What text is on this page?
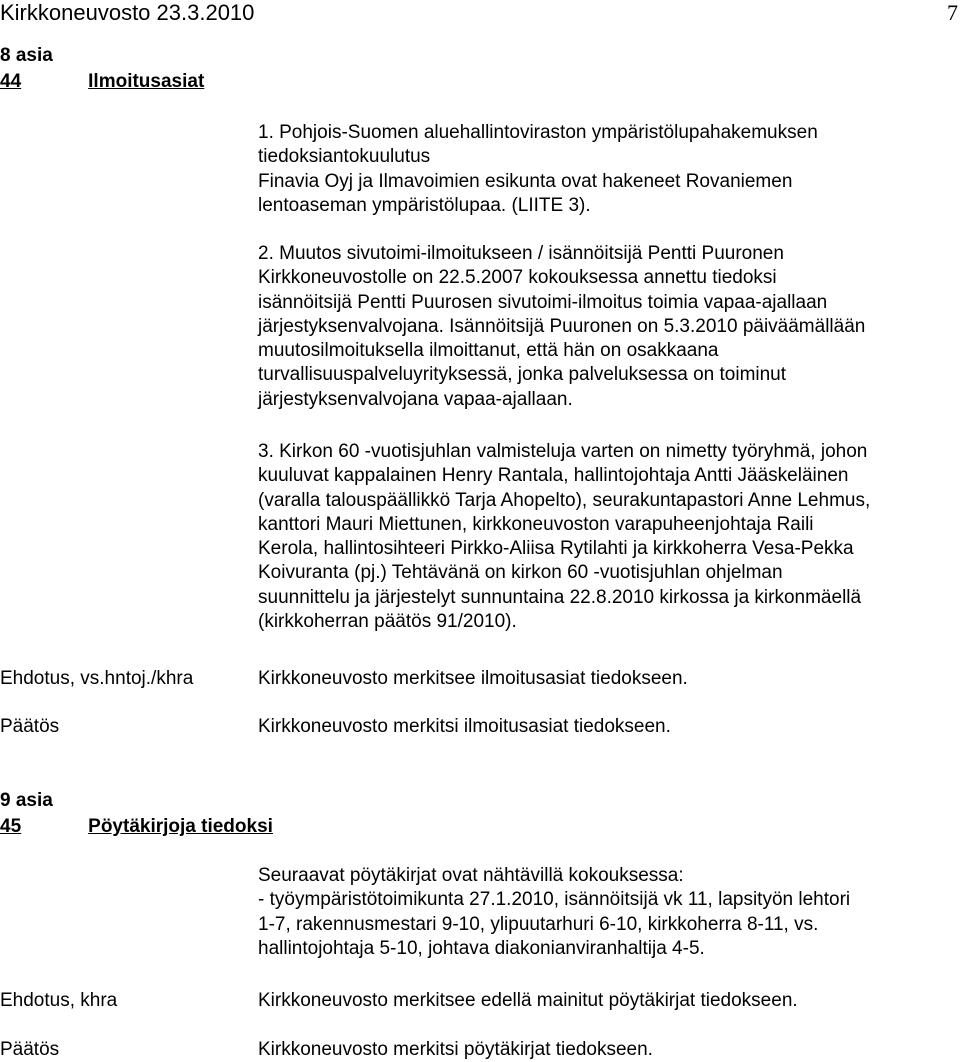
Kirkkoneuvosto 23.3.2010	7
8 asia
44	Ilmoitusasiat
1. Pohjois-Suomen aluehallintoviraston ympäristölupahakemuksen
tiedoksiantokuulutus
Finavia Oyj ja Ilmavoimien esikunta ovat hakeneet Rovaniemen
lentoaseman ympäristölupaa. (LIITE 3).
2. Muutos sivutoimi-ilmoitukseen / isännöitsijä Pentti Puuronen
Kirkkoneuvostolle on 22.5.2007 kokouksessa annettu tiedoksi
isännöitsijä Pentti Puurosen sivutoimi-ilmoitus toimia vapaa-ajallaan
järjestyksenvalvojana. Isännöitsijä Puuronen on 5.3.2010 päiväämällään
muutosilmoituksella ilmoittanut, että hän on osakkaana
turvallisuuspalveluyrityksessä, jonka palveluksessa on toiminut
järjestyksenvalvojana vapaa-ajallaan.
3. Kirkon 60 -vuotisjuhlan valmisteluja varten on nimetty työryhmä, johon
kuuluvat kappalainen Henry Rantala, hallintojohtaja Antti Jääskeläinen
(varalla talouspäällikkö Tarja Ahopelto), seurakuntapastori Anne Lehmus,
kanttori Mauri Miettunen, kirkkoneuvoston varapuheenjohtaja Raili
Kerola, hallintosihteeri Pirkko-Aliisa Rytilahti ja kirkkoherra Vesa-Pekka
Koivuranta (pj.) Tehtävänä on kirkon 60 -vuotisjuhlan ohjelman
suunnittelu ja järjestelyt sunnuntaina 22.8.2010 kirkossa ja kirkonmäellä
(kirkkoherran päätös 91/2010).
Ehdotus, vs.hntoj./khra	Kirkkoneuvosto merkitsee ilmoitusasiat tiedokseen.
Päätös	Kirkkoneuvosto merkitsi ilmoitusasiat tiedokseen.
9 asia
45	Pöytäkirjoja tiedoksi
Seuraavat pöytäkirjat ovat nähtävillä kokouksessa:
- työympäristötoimikunta 27.1.2010, isännöitsijä vk 11, lapsityön lehtori
1-7, rakennusmestari 9-10, ylipuutarhuri 6-10, kirkkoherra 8-11, vs.
hallintojohtaja 5-10, johtava diakonianviranhaltija 4-5.
Ehdotus, khra	Kirkkoneuvosto merkitsee edellä mainitut pöytäkirjat tiedokseen.
Päätös	Kirkkoneuvosto merkitsi pöytäkirjat tiedokseen.
